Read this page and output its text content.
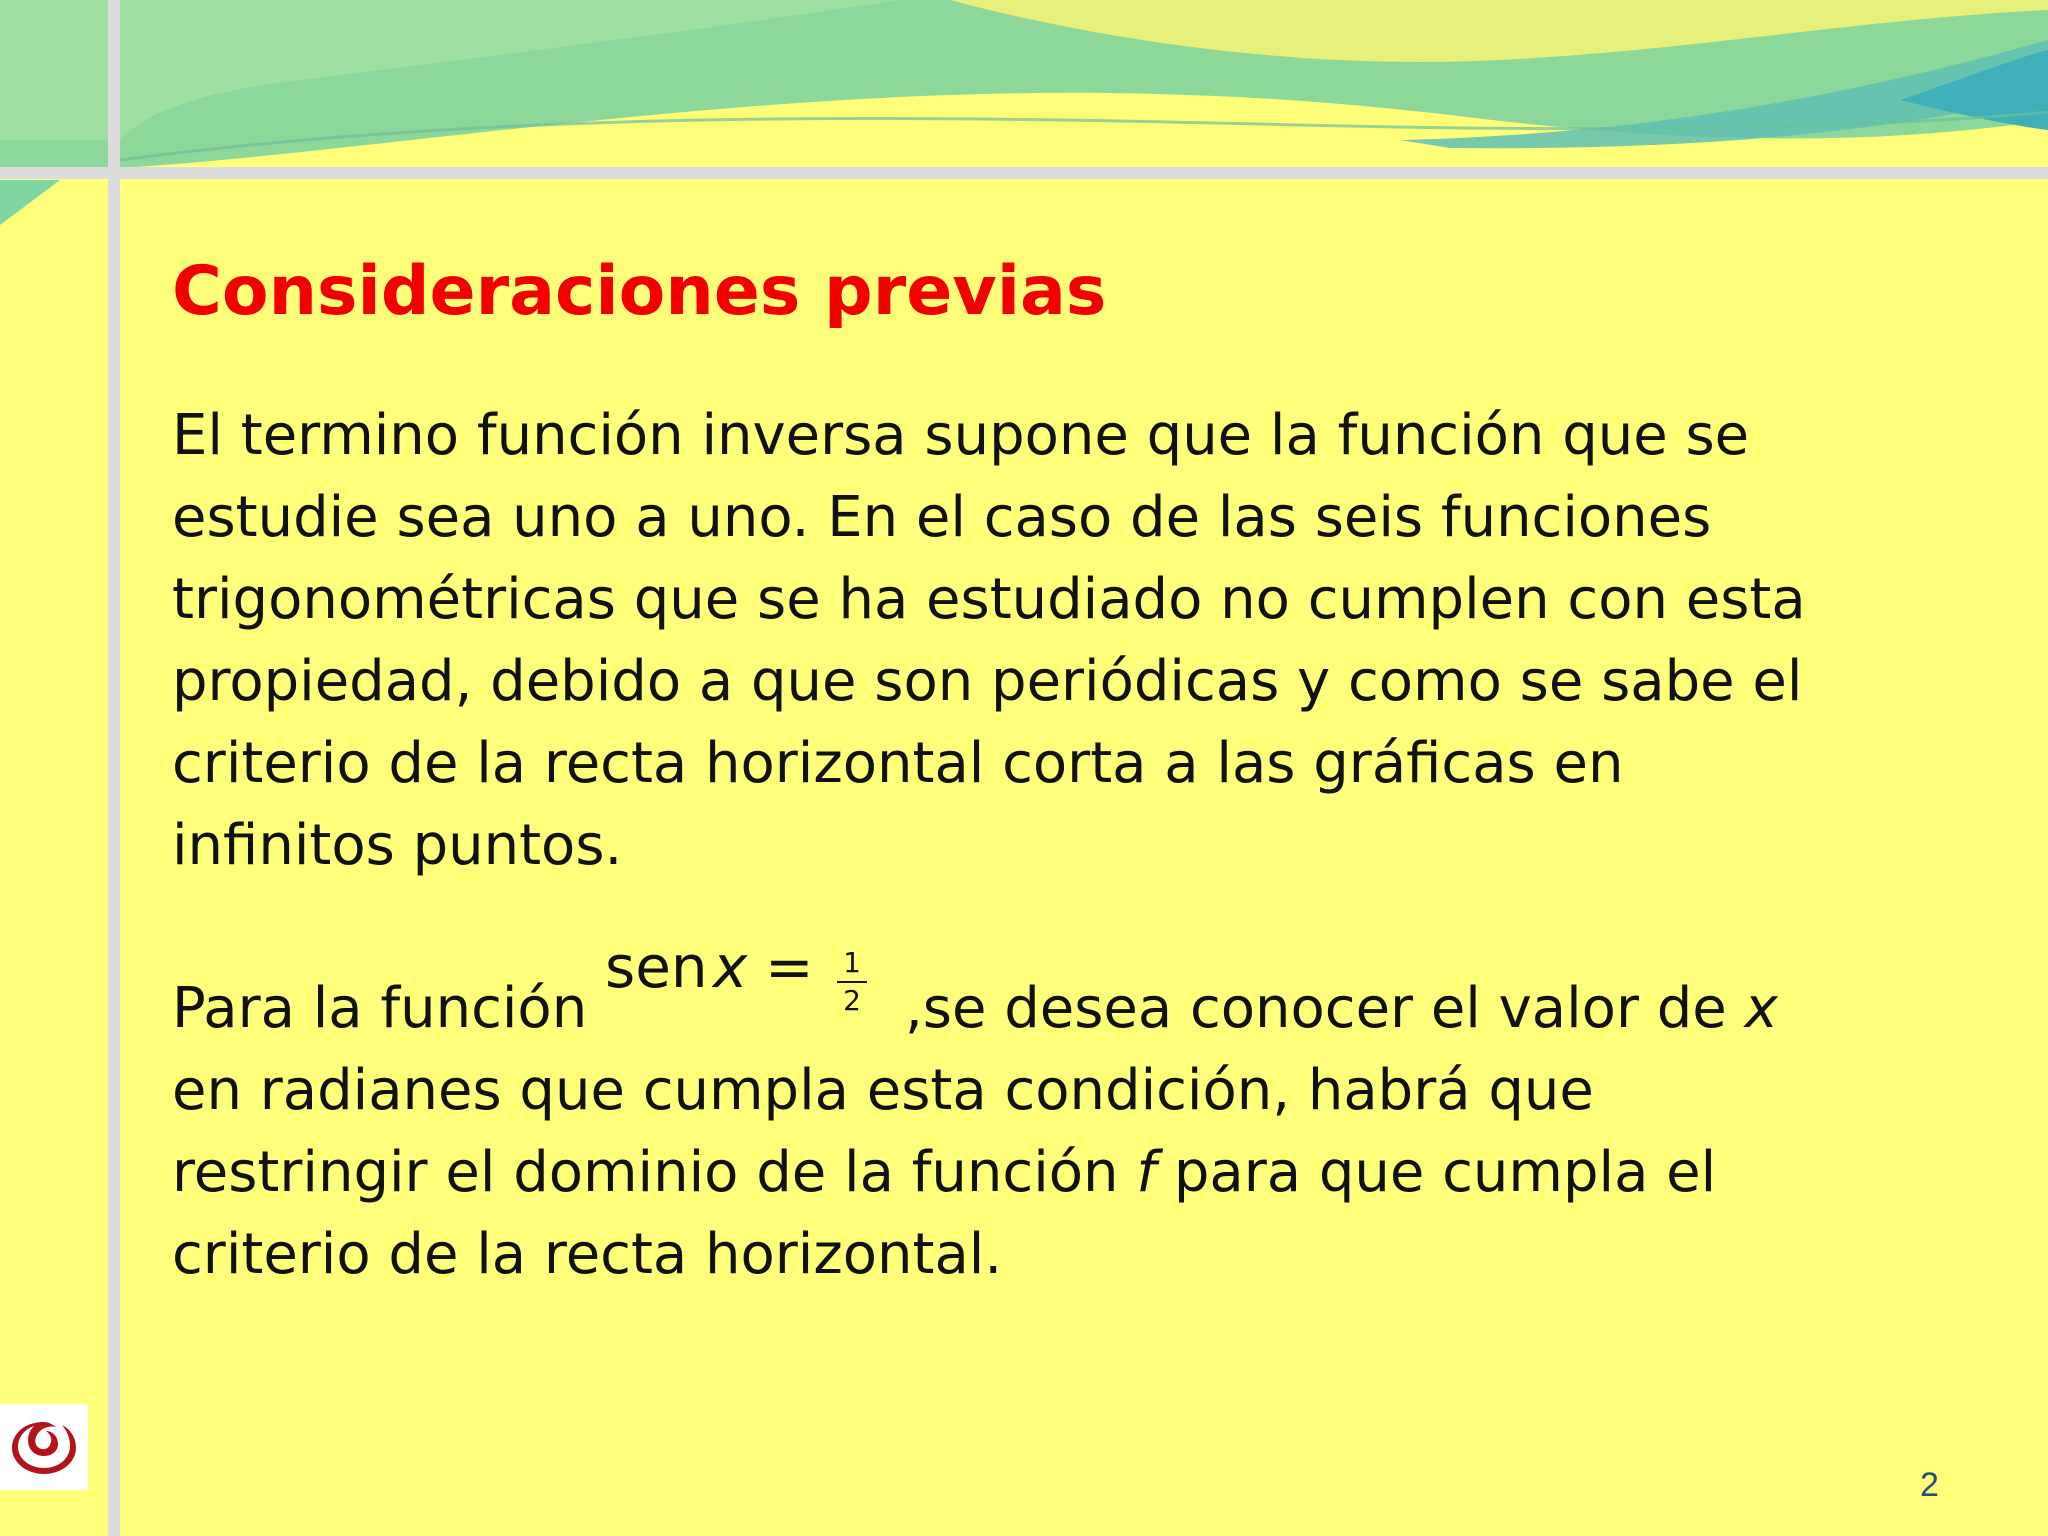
Consideraciones previas
El termino función inversa supone que la función que se
estudie sea uno a uno. En el caso de las seis funciones
trigonométricas que se ha estudiado no cumplen con esta
propiedad, debido a que son periódicas y como se sabe el
criterio de la recta horizontal corta a las gráficas en
infinitos puntos.
Para la función
sen x = 1
2 ,se desea conocer el valor de x
en radianes que cumpla esta condición, habrá que
restringir el dominio de la función f para que cumpla el
criterio de la recta horizontal.
2
